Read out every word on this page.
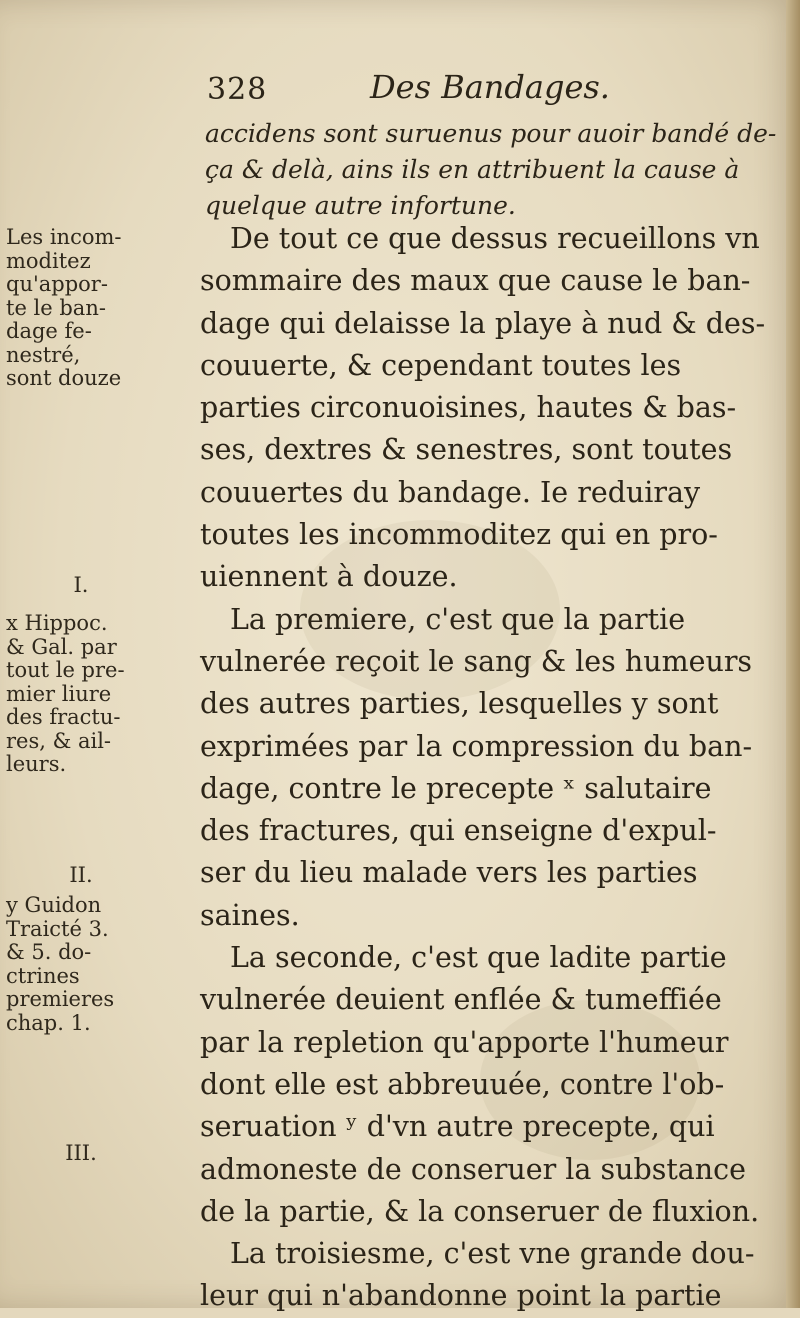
328	Des Bandages.
accidens sont suruenus pour auoir bandé de-
ça & delà, ains ils en attribuent la cause à
quelque autre infortune.
De tout ce que dessus recueillons vn
sommaire des maux que cause le ban-
dage qui delaisse la playe à nud & des-
couuerte, & cependant toutes les
parties circonuoisines, hautes & bas-
ses, dextres & senestres, sont toutes
couuertes du bandage. Ie reduiray
toutes les incommoditez qui en pro-
uiennent à douze.
La premiere, c'est que la partie
vulnerée reçoit le sang & les humeurs
des autres parties, lesquelles y sont
exprimées par la compression du ban-
dage, contre le precepte ˣ salutaire
des fractures, qui enseigne d'expul-
ser du lieu malade vers les parties
saines.
La seconde, c'est que ladite partie
vulnerée deuient enflée & tumeffiée
par la repletion qu'apporte l'humeur
dont elle est abbreuuée, contre l'ob-
seruation ʸ d'vn autre precepte, qui
admoneste de conseruer la substance
de la partie, & la conseruer de fluxion.
La troisiesme, c'est vne grande dou-
leur qui n'abandonne point la partie
Les incom-
moditez
qu'appor-
te le ban-
dage fe-
nestré,
sont douze
I.
x Hippoc.
& Gal. par
tout le pre-
mier liure
des fractu-
res, & ail-
leurs.
II.
y Guidon
Traicté 3.
& 5. do-
ctrines
premieres
chap. 1.
III.
